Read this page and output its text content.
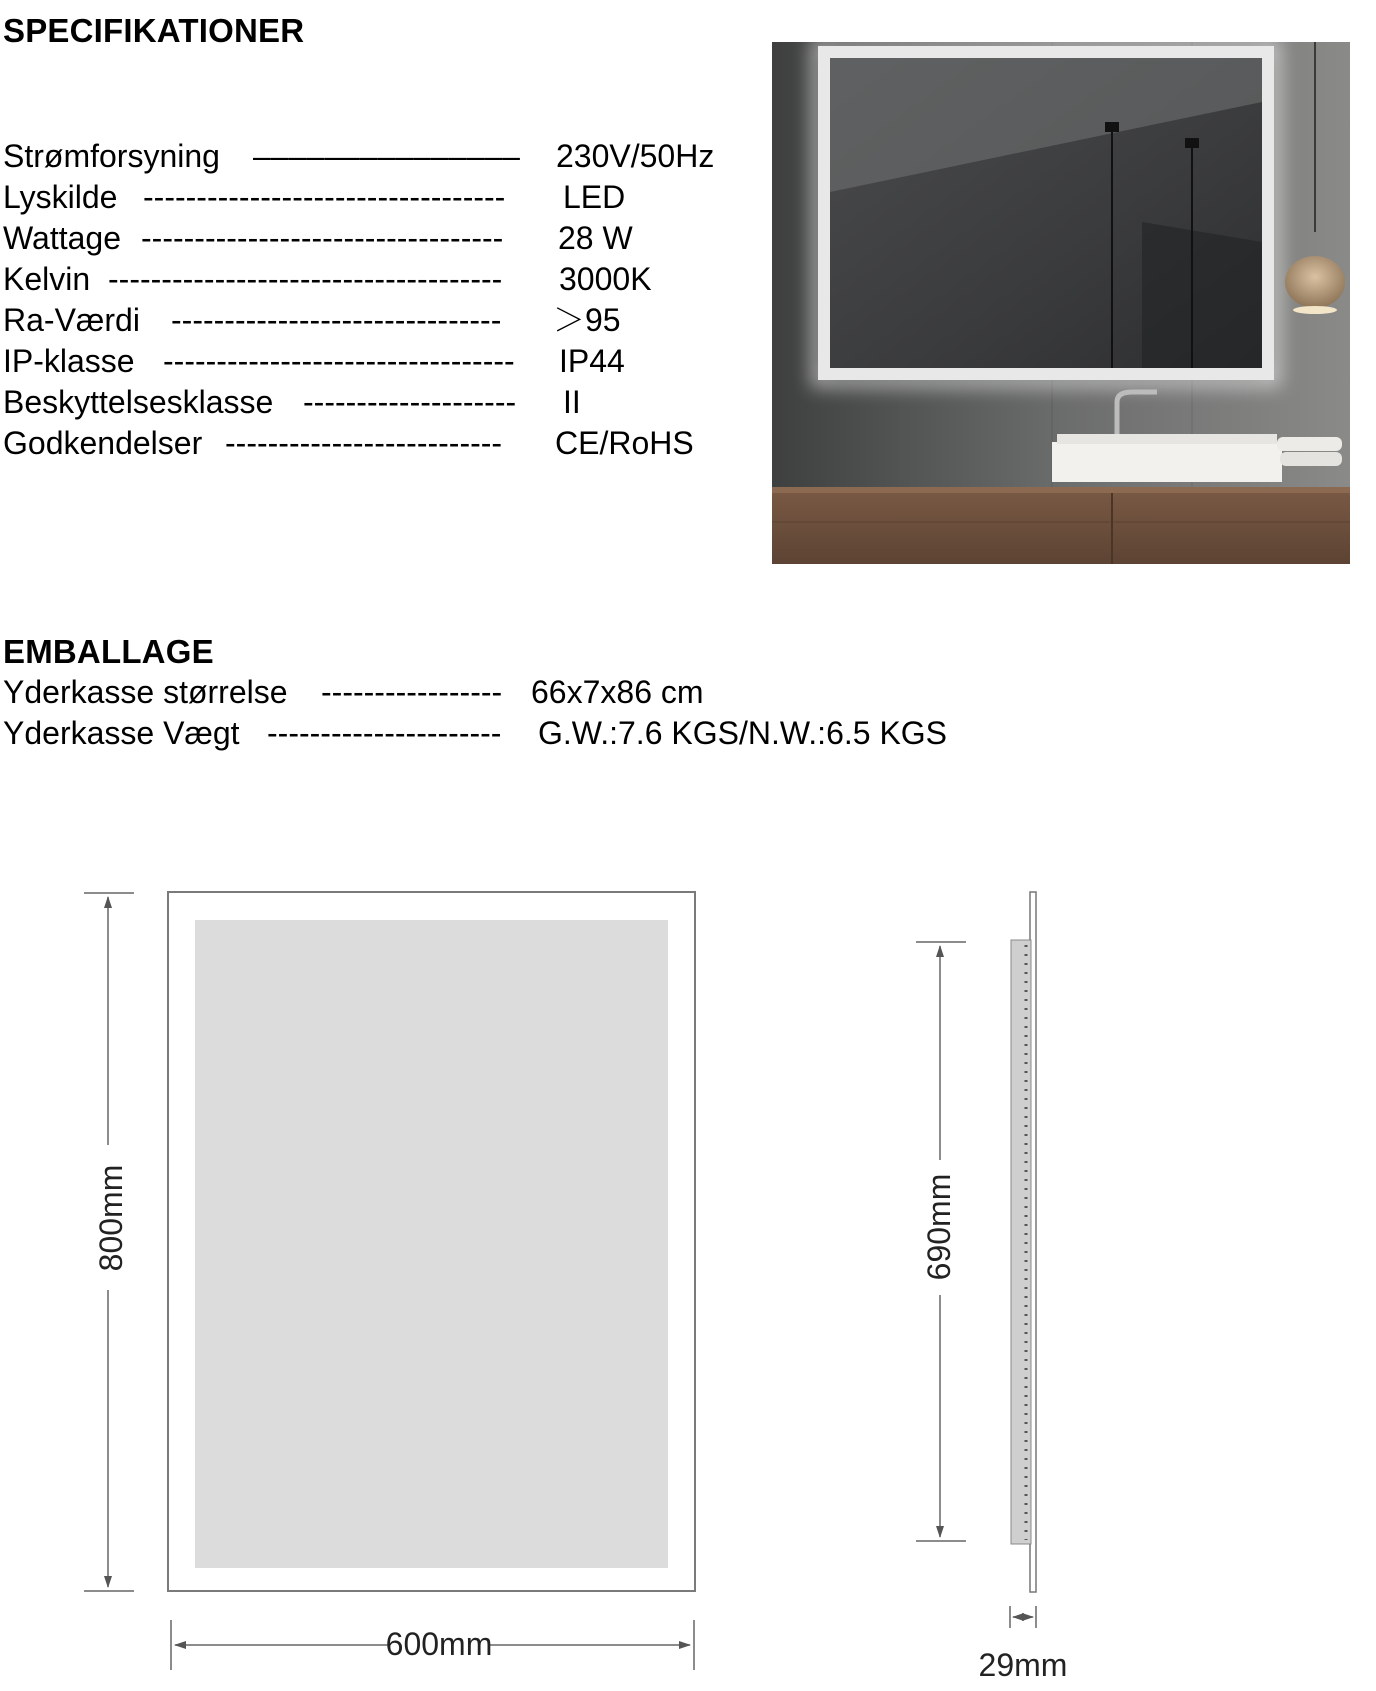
SPECIFIKATIONER
Strømforsyning –––––––––––––––	230V/50Hz
Lyskilde ----------------------------------	LED
Wattage ----------------------------------	28 W
Kelvin -------------------------------------	3000K
Ra-Værdi -------------------------------	＞95
IP-klasse ---------------------------------	IP44
Beskyttelsesklasse --------------------	II
Godkendelser --------------------------	CE/RoHS
EMBALLAGE
Yderkasse størrelse ----------------- 66x7x86 cm
Yderkasse Vægt ----------------------	G.W.:7.6 KGS/N.W.:6.5 KGS
800mm
600mm
690mm
29mm
